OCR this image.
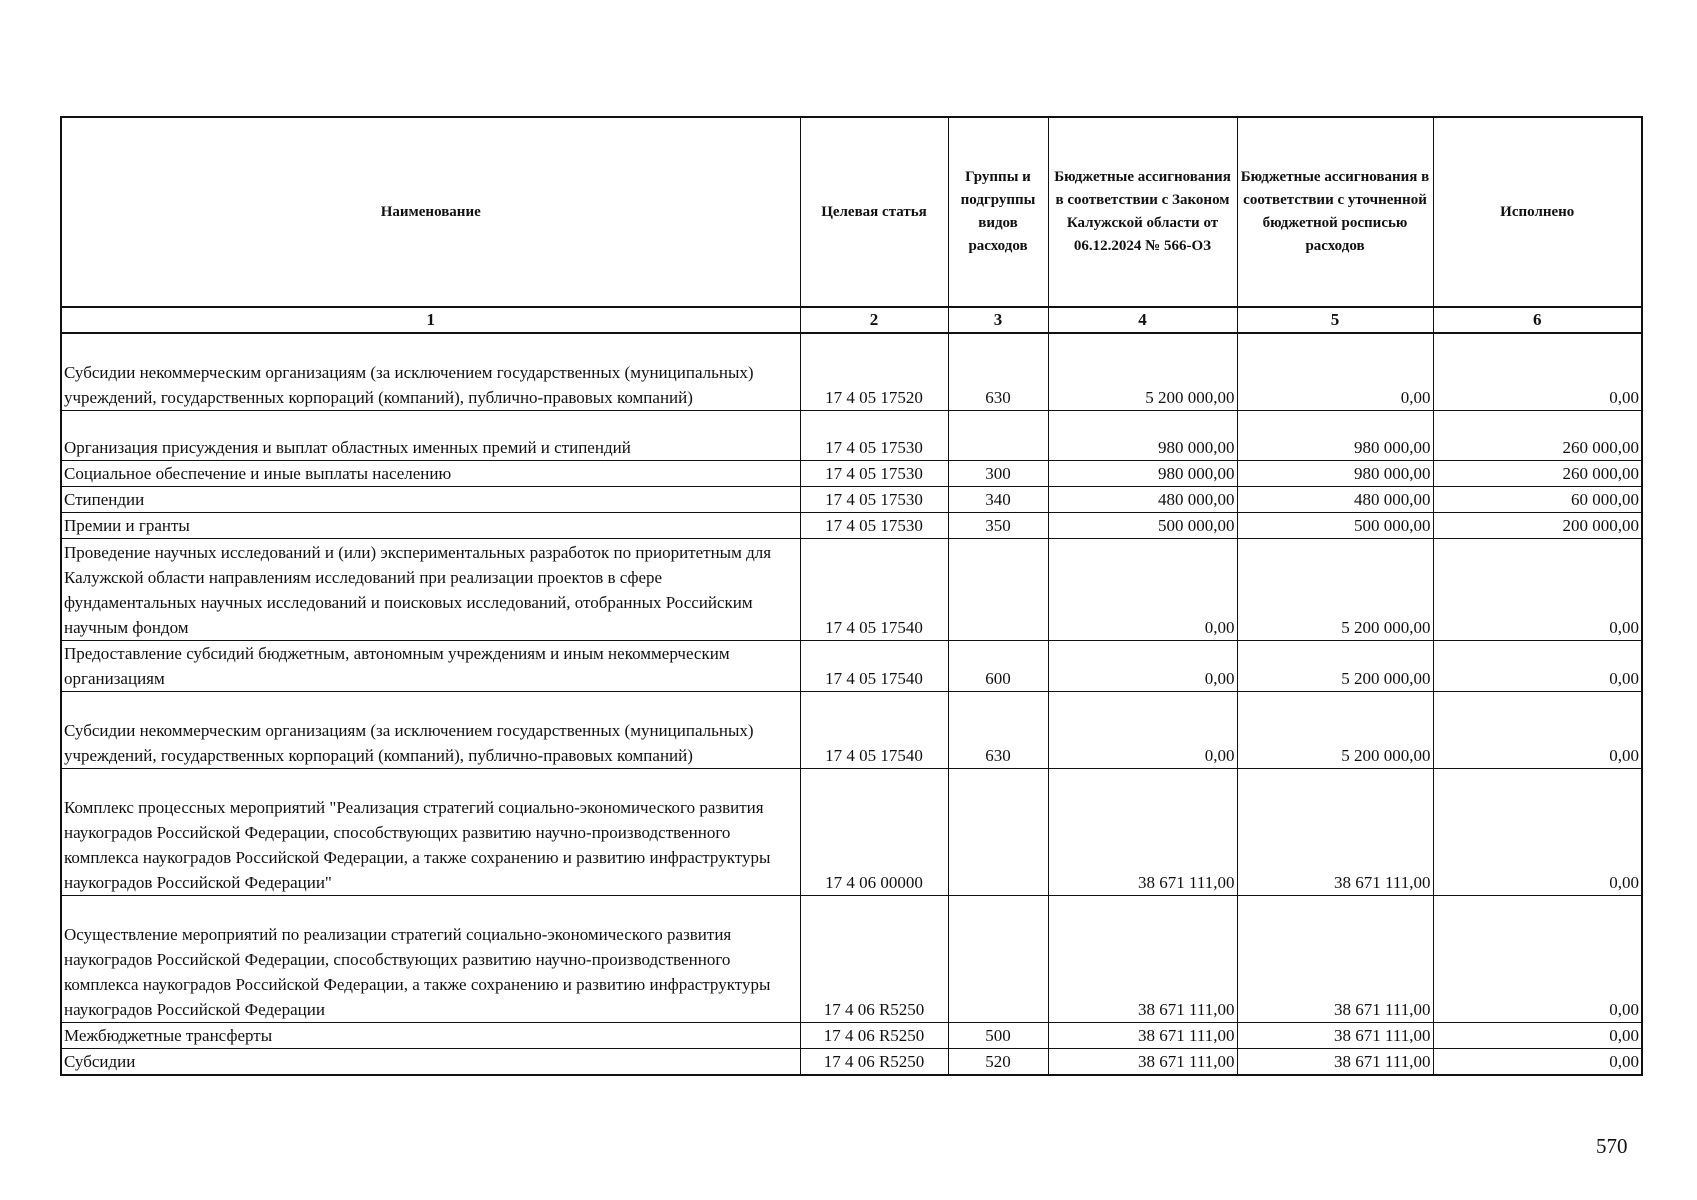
Наименование	Целевая статья	Группы и подгруппы видов расходов	Бюджетные ассигнования в соответствии с Законом Калужской области от 06.12.2024 № 566-ОЗ	Бюджетные ассигнования в соответствии с уточненной бюджетной росписью расходов	Исполнено
1	2	3	4	5	6
Субсидии некоммерческим организациям (за исключением государственных (муниципальных) учреждений, государственных корпораций (компаний), публично-правовых компаний)	17 4 05 17520	630	5 200 000,00	0,00	0,00
Организация присуждения и выплат областных именных премий и стипендий	17 4 05 17530		980 000,00	980 000,00	260 000,00
Социальное обеспечение и иные выплаты населению	17 4 05 17530	300	980 000,00	980 000,00	260 000,00
Стипендии	17 4 05 17530	340	480 000,00	480 000,00	60 000,00
Премии и гранты	17 4 05 17530	350	500 000,00	500 000,00	200 000,00
Проведение научных исследований и (или) экспериментальных разработок по приоритетным для Калужской области направлениям исследований при реализации проектов в сфере фундаментальных научных исследований и поисковых исследований, отобранных Российским научным фондом	17 4 05 17540		0,00	5 200 000,00	0,00
Предоставление субсидий бюджетным, автономным учреждениям и иным некоммерческим организациям	17 4 05 17540	600	0,00	5 200 000,00	0,00
Субсидии некоммерческим организациям (за исключением государственных (муниципальных) учреждений, государственных корпораций (компаний), публично-правовых компаний)	17 4 05 17540	630	0,00	5 200 000,00	0,00
Комплекс процессных мероприятий "Реализация стратегий социально-экономического развития наукоградов Российской Федерации, способствующих развитию научно-производственного комплекса наукоградов Российской Федерации, а также сохранению и развитию инфраструктуры наукоградов Российской Федерации"	17 4 06 00000		38 671 111,00	38 671 111,00	0,00
Осуществление мероприятий по реализации стратегий социально-экономического развития наукоградов Российской Федерации, способствующих развитию научно-производственного комплекса наукоградов Российской Федерации, а также сохранению и развитию инфраструктуры наукоградов Российской Федерации	17 4 06 R5250		38 671 111,00	38 671 111,00	0,00
Межбюджетные трансферты	17 4 06 R5250	500	38 671 111,00	38 671 111,00	0,00
Субсидии	17 4 06 R5250	520	38 671 111,00	38 671 111,00	0,00
570
